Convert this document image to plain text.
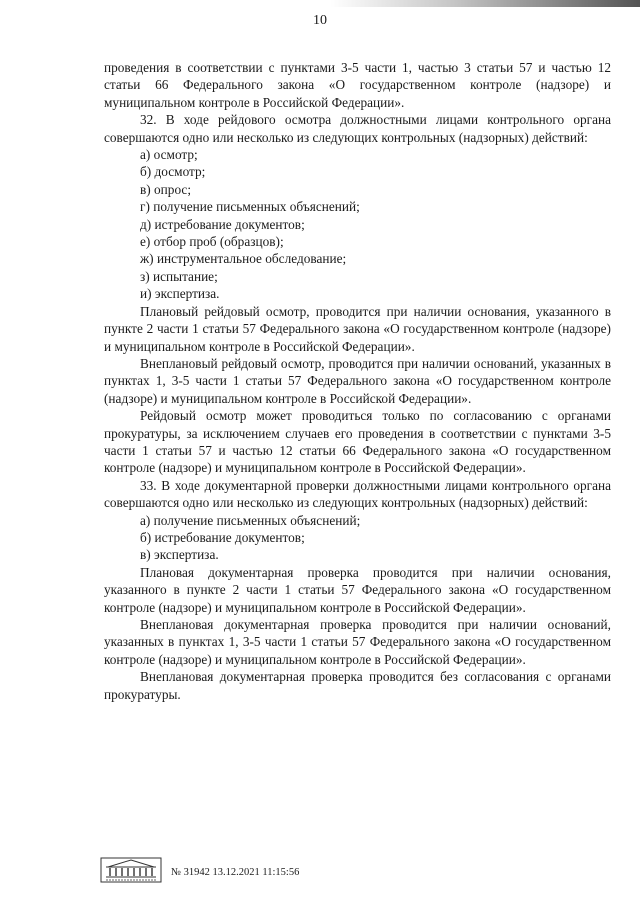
10

проведения в соответствии с пунктами 3-5 части 1, частью 3 статьи 57 и частью 12 статьи 66 Федерального закона «О государственном контроле (надзоре) и муниципальном контроле в Российской Федерации».

32. В ходе рейдового осмотра должностными лицами контрольного органа совершаются одно или несколько из следующих контрольных (надзорных) действий:

а) осмотр;

б) досмотр;

в) опрос;

г) получение письменных объяснений;

д) истребование документов;

е) отбор проб (образцов);

ж) инструментальное обследование;

з) испытание;

и) экспертиза.

Плановый рейдовый осмотр, проводится при наличии основания, указанного в пункте 2 части 1 статьи 57 Федерального закона «О государственном контроле (надзоре) и муниципальном контроле в Российской Федерации».

Внеплановый рейдовый осмотр, проводится при наличии оснований, указанных в пунктах 1, 3-5 части 1 статьи 57 Федерального закона «О государственном контроле (надзоре) и муниципальном контроле в Российской Федерации».

Рейдовый осмотр может проводиться только по согласованию с органами прокуратуры, за исключением случаев его проведения в соответствии с пунктами 3-5 части 1 статьи 57 и частью 12 статьи 66 Федерального закона «О государственном контроле (надзоре) и муниципальном контроле в Российской Федерации».

33. В ходе документарной проверки должностными лицами контрольного органа совершаются одно или несколько из следующих контрольных (надзорных) действий:

а) получение письменных объяснений;

б) истребование документов;

в) экспертиза.

Плановая документарная проверка проводится при наличии основания, указанного в пункте 2 части 1 статьи 57 Федерального закона «О государственном контроле (надзоре) и муниципальном контроле в Российской Федерации».

Внеплановая документарная проверка проводится при наличии оснований, указанных в пунктах 1, 3-5 части 1 статьи 57 Федерального закона «О государственном контроле (надзоре) и муниципальном контроле в Российской Федерации».

Внеплановая документарная проверка проводится без согласования с органами прокуратуры.

№ 31942 13.12.2021 11:15:56
